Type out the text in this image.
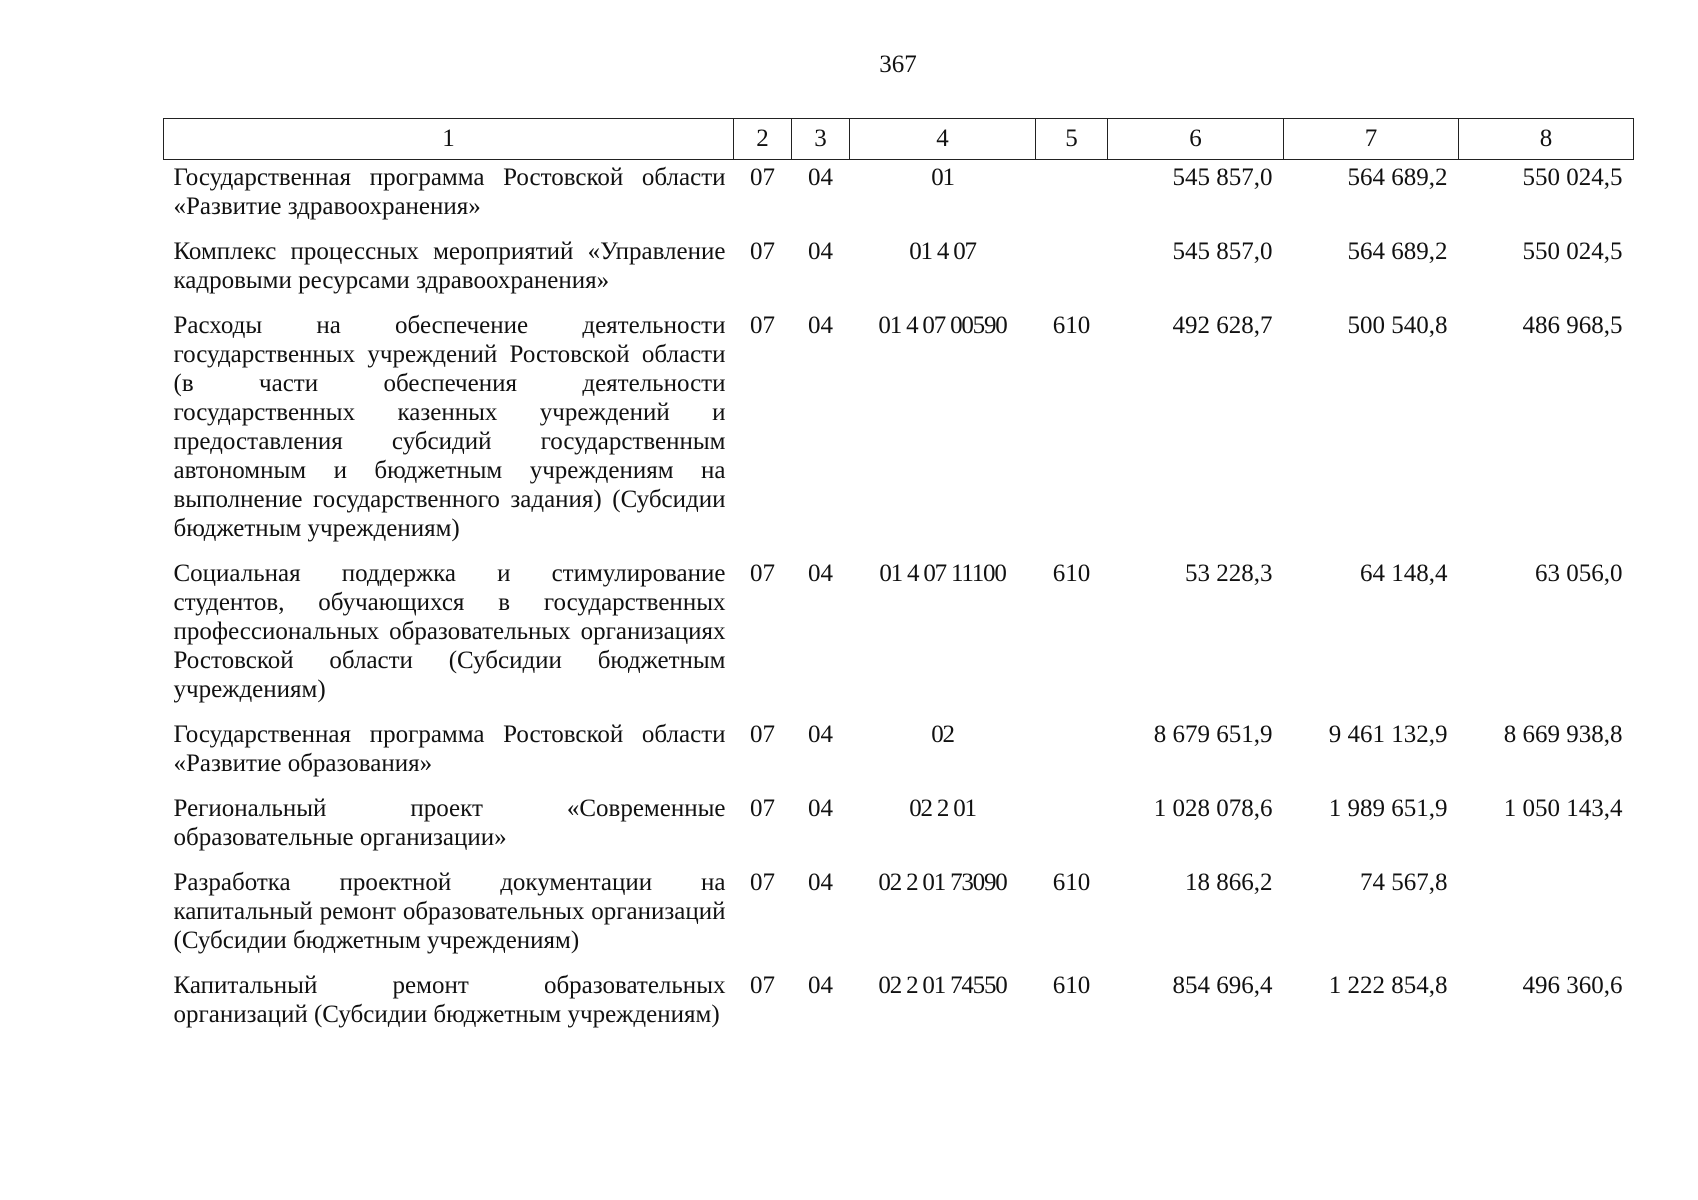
367
1	2	3	4	5	6	7	8
Государственная программа Ростовской области «Развитие здравоохранения»	07	04	01		545 857,0	564 689,2	550 024,5
Комплекс процессных мероприятий «Управление кадровыми ресурсами здравоохранения»	07	04	01 4 07		545 857,0	564 689,2	550 024,5
Расходы на обеспечение деятельности государственных учреждений Ростовской области (в части обеспечения деятельности государственных казенных учреждений и предоставления субсидий государственным автономным и бюджетным учреждениям на выполнение государственного задания) (Субсидии бюджетным учреждениям)	07	04	01 4 07 00590	610	492 628,7	500 540,8	486 968,5
Социальная поддержка и стимулирование студентов, обучающихся в государственных профессиональных образовательных организациях Ростовской области (Субсидии бюджетным учреждениям)	07	04	01 4 07 11100	610	53 228,3	64 148,4	63 056,0
Государственная программа Ростовской области «Развитие образования»	07	04	02		8 679 651,9	9 461 132,9	8 669 938,8
Региональный проект «Современные образовательные организации»	07	04	02 2 01		1 028 078,6	1 989 651,9	1 050 143,4
Разработка проектной документации на капитальный ремонт образовательных организаций (Субсидии бюджетным учреждениям)	07	04	02 2 01 73090	610	18 866,2	74 567,8	
Капитальный ремонт образовательных организаций (Субсидии бюджетным учреждениям)	07	04	02 2 01 74550	610	854 696,4	1 222 854,8	496 360,6
